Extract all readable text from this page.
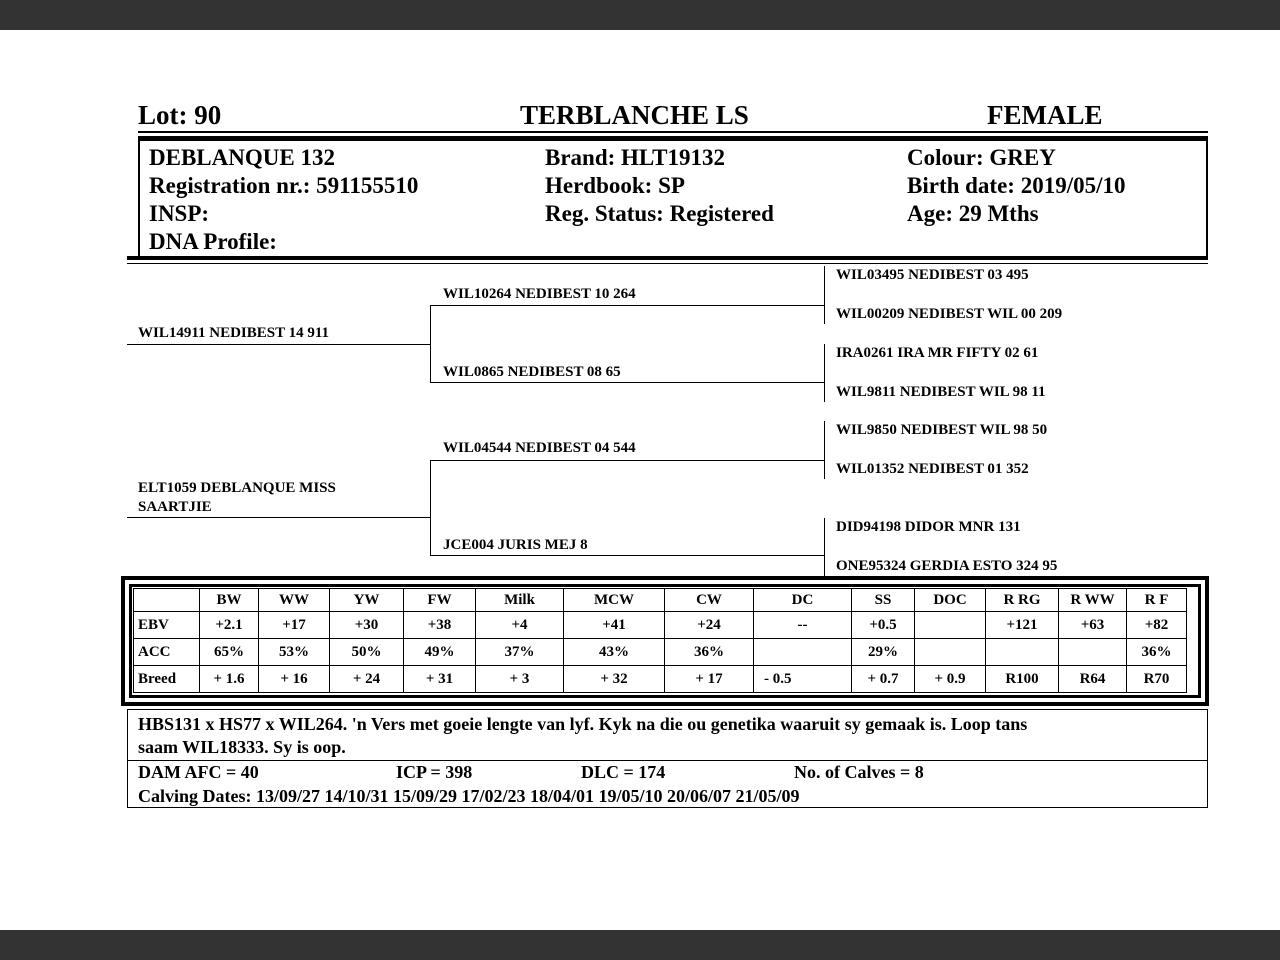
Lot: 90	TERBLANCHE LS	FEMALE
DEBLANQUE 132
Registration nr.: 591155510
INSP:
DNA Profile:
Brand: HLT19132
Herdbook: SP
Reg. Status: Registered
Colour: GREY
Birth date: 2019/05/10
Age: 29 Mths
WIL14911 NEDIBEST 14 911
ELT1059 DEBLANQUE MISS
SAARTJIE
WIL10264 NEDIBEST 10 264
WIL0865 NEDIBEST 08 65
WIL04544 NEDIBEST 04 544
JCE004 JURIS MEJ 8
WIL03495 NEDIBEST 03 495
WIL00209 NEDIBEST WIL 00 209
IRA0261 IRA MR FIFTY 02 61
WIL9811 NEDIBEST WIL 98 11
WIL9850 NEDIBEST WIL 98 50
WIL01352 NEDIBEST 01 352
DID94198 DIDOR MNR 131
ONE95324 GERDIA ESTO 324 95
	BW	WW	YW	FW	Milk	MCW	CW	DC	SS	DOC	R RG	R WW	R F
EBV	+2.1	+17	+30	+38	+4	+41	+24	--	+0.5		+121	+63	+82
ACC	65%	53%	50%	49%	37%	43%	36%		29%				36%
Breed	+ 1.6	+ 16	+ 24	+ 31	+ 3	+ 32	+ 17	- 0.5	+ 0.7	+ 0.9	R100	R64	R70
HBS131 x HS77 x WIL264. 'n Vers met goeie lengte van lyf. Kyk na die ou genetika waaruit sy gemaak is. Loop tans
saam WIL18333. Sy is oop.
DAM AFC = 40	ICP = 398	DLC = 174	No. of Calves = 8
Calving Dates: 13/09/27 14/10/31 15/09/29 17/02/23 18/04/01 19/05/10 20/06/07 21/05/09
